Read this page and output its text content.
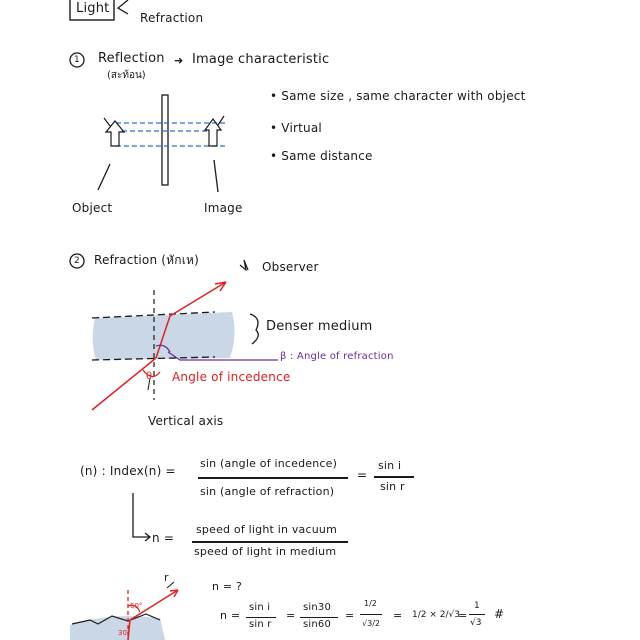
Light
Refraction
1 Reflection
(สะท้อน)
➜ Image characteristic
• Same size , same character with object
• Virtual
• Same distance
Object	Image
2 Refraction (หักเห)	Observer
Denser medium
β : Angle of refraction
Angle of incedence
θ
Vertical axis
(n) : Index(n) =
sin (angle of incedence)
sin (angle of refraction)
=
sin i
sin r
n =
speed of light in vacuum
speed of light in medium
r
60°
30°
n = ?
n =
sin i
sin r
=
sin30
sin60
=
1/2
√3/2
= 1/2 × 2/√3
=
1
√3
#
